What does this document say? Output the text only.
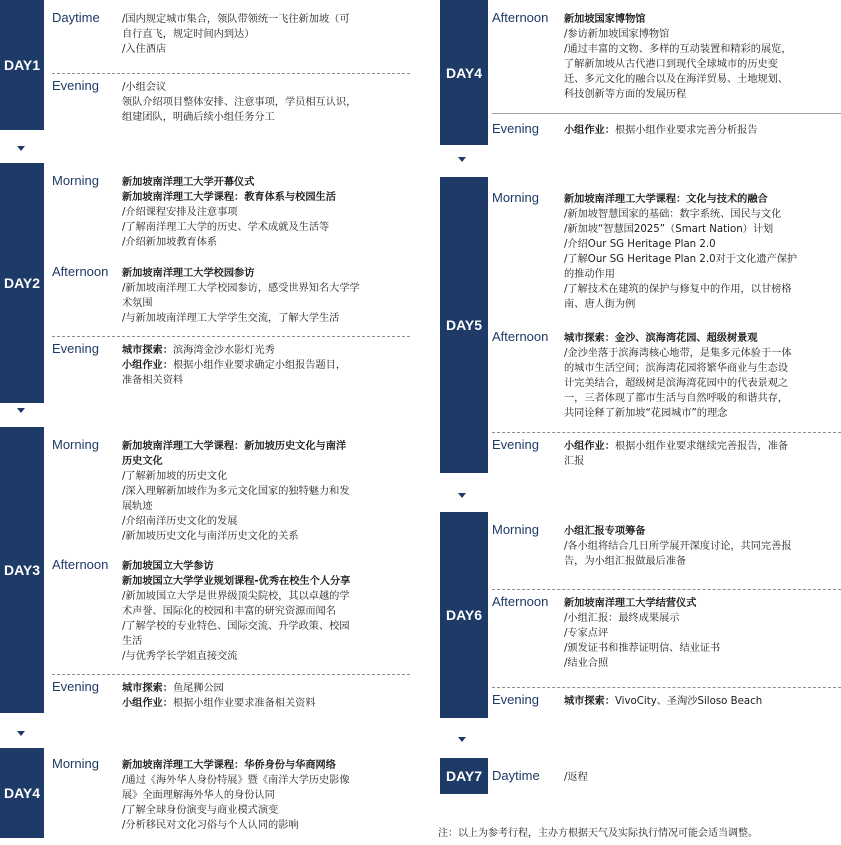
DAY1
Daytime /国内规定城市集合，领队带领统一飞往新加坡（可
自行直飞，规定时间内到达）
/入住酒店
Evening /小组会议
领队介绍项目整体安排、注意事项，学员相互认识，
组建团队，明确后续小组任务分工
DAY2
Morning 新加坡南洋理工大学开幕仪式
新加坡南洋理工大学课程：教育体系与校园生活
/介绍课程安排及注意事项
/了解南洋理工大学的历史、学术成就及生活等
/介绍新加坡教育体系
Afternoon 新加坡南洋理工大学校园参访
/新加坡南洋理工大学校园参访，感受世界知名大学学
术氛围
/与新加坡南洋理工大学学生交流，了解大学生活
Evening 城市探索：滨海湾金沙水影灯光秀
小组作业：根据小组作业要求确定小组报告题目，
准备相关资料
DAY3
Morning 新加坡南洋理工大学课程：新加坡历史文化与南洋
历史文化
/了解新加坡的历史文化
/深入理解新加坡作为多元文化国家的独特魅力和发
展轨迹
/介绍南洋历史文化的发展
/新加坡历史文化与南洋历史文化的关系
Afternoon 新加坡国立大学参访
新加坡国立大学学业规划课程-优秀在校生个人分享
/新加坡国立大学是世界级顶尖院校，其以卓越的学
术声誉、国际化的校园和丰富的研究资源而闻名
/了解学校的专业特色、国际交流、升学政策、校园
生活
/与优秀学长学姐直接交流
Evening 城市探索：鱼尾狮公园
小组作业：根据小组作业要求准备相关资料
DAY4
Morning 新加坡南洋理工大学课程：华侨身份与华商网络
/通过《海外华人身份特展》暨《南洋大学历史影像
展》全面理解海外华人的身份认同
/了解全球身份演变与商业模式演变
/分析移民对文化习俗与个人认同的影响
DAY4
Afternoon 新加坡国家博物馆
/参访新加坡国家博物馆
/通过丰富的文物、多样的互动装置和精彩的展览，
了解新加坡从古代港口到现代全球城市的历史变
迁、多元文化的融合以及在海洋贸易、土地规划、
科技创新等方面的发展历程
Evening 小组作业：根据小组作业要求完善分析报告
DAY5
Morning 新加坡南洋理工大学课程：文化与技术的融合
/新加坡智慧国家的基础：数字系统、国民与文化
/新加坡“智慧国2025”（Smart Nation）计划
/介绍Our SG Heritage Plan 2.0
/了解Our SG Heritage Plan 2.0对于文化遗产保护
的推动作用
/了解技术在建筑的保护与修复中的作用，以甘榜格
南、唐人街为例
Afternoon 城市探索：金沙、滨海湾花园、超级树景观
/金沙坐落于滨海湾核心地带，是集多元体验于一体
的城市生活空间；滨海湾花园将繁华商业与生态设
计完美结合，超级树是滨海湾花园中的代表景观之
一，三者体现了都市生活与自然呼吸的和谐共存，
共同诠释了新加坡“花园城市”的理念
Evening 小组作业：根据小组作业要求继续完善报告，准备
汇报
DAY6
Morning 小组汇报专项筹备
/各小组将结合几日所学展开深度讨论，共同完善报
告，为小组汇报做最后准备
Afternoon 新加坡南洋理工大学结营仪式
/小组汇报：最终成果展示
/专家点评
/颁发证书和推荐证明信、结业证书
/结业合照
Evening 城市探索：VivoCity、圣淘沙Siloso Beach
DAY7 Daytime /返程
注：以上为参考行程，主办方根据天气及实际执行情况可能会适当调整。
